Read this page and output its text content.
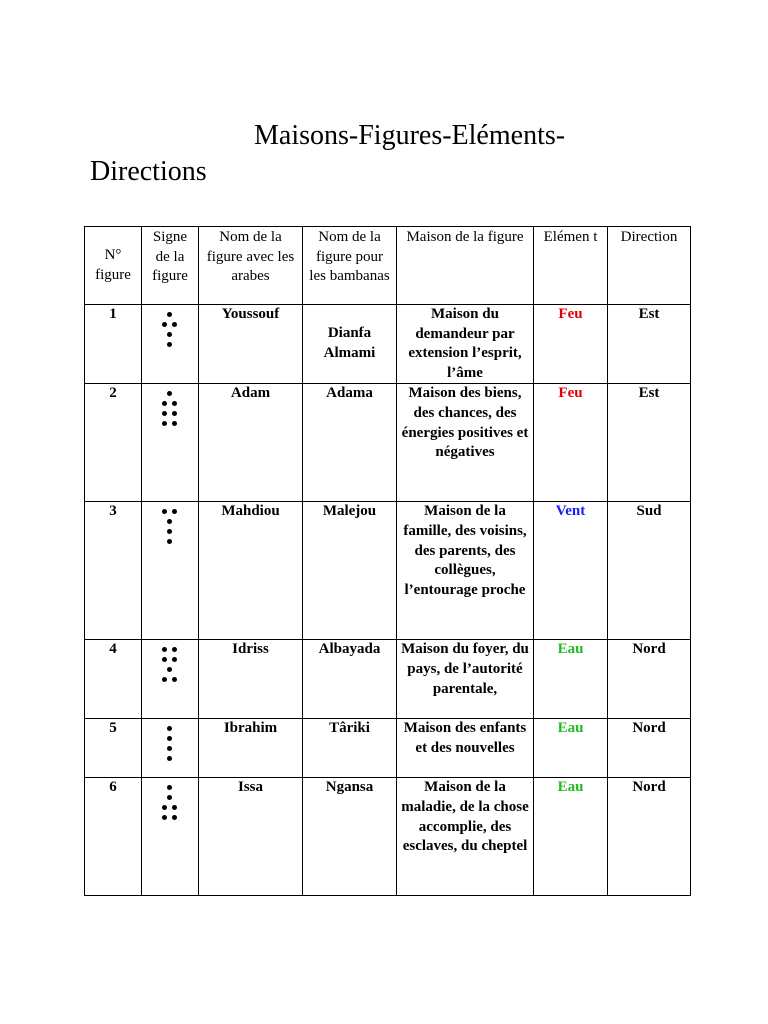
Maisons-Figures-Eléments-
Directions
N° figure	Signe de la figure	Nom de la figure avec les arabes	Nom de la figure pour les bambanas	Maison de la figure	Elémen t	Direction
1		Youssouf	Dianfa Almami	Maison du demandeur par extension l’esprit, l’âme	Feu	Est
2		Adam	Adama	Maison des biens, des chances, des énergies positives et négatives	Feu	Est
3		Mahdiou	Malejou	Maison de la famille, des voisins, des parents, des collègues, l’entourage proche	Vent	Sud
4		Idriss	Albayada	Maison du foyer, du pays, de l’autorité parentale,	Eau	Nord
5		Ibrahim	Târiki	Maison des enfants et des nouvelles	Eau	Nord
6		Issa	Ngansa	Maison de la maladie, de la chose accomplie, des esclaves, du cheptel	Eau	Nord
